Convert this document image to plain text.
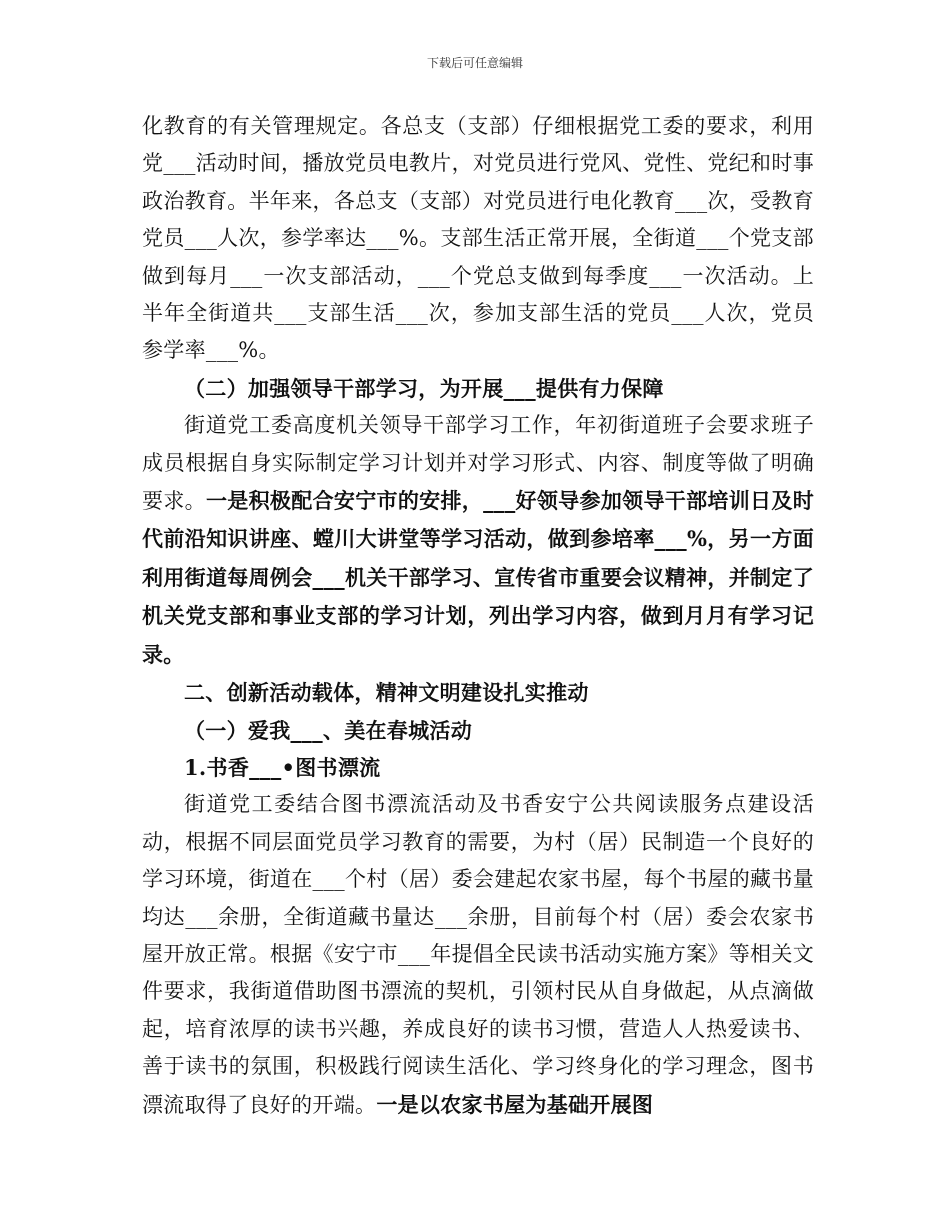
下载后可任意编辑

化教育的有关管理规定。各总支（支部）仔细根据党工委的要求，利用党___活动时间，播放党员电教片，对党员进行党风、党性、党纪和时事政治教育。半年来，各总支（支部）对党员进行电化教育___次，受教育党员___人次，参学率达___%。支部生活正常开展，全街道___个党支部做到每月___一次支部活动，___个党总支做到每季度___一次活动。上半年全街道共___支部生活___次，参加支部生活的党员___人次，党员参学率___%。

（二）加强领导干部学习，为开展___提供有力保障

街道党工委高度机关领导干部学习工作，年初街道班子会要求班子成员根据自身实际制定学习计划并对学习形式、内容、制度等做了明确要求。一是积极配合安宁市的安排，___好领导参加领导干部培训日及时代前沿知识讲座、螳川大讲堂等学习活动，做到参培率___%，另一方面利用街道每周例会___机关干部学习、宣传省市重要会议精神，并制定了机关党支部和事业支部的学习计划，列出学习内容，做到月月有学习记录。

二、创新活动载体，精神文明建设扎实推动

（一）爱我___、美在春城活动

1.书香___•图书漂流

街道党工委结合图书漂流活动及书香安宁公共阅读服务点建设活动，根据不同层面党员学习教育的需要，为村（居）民制造一个良好的学习环境，街道在___个村（居）委会建起农家书屋，每个书屋的藏书量均达___余册，全街道藏书量达___余册，目前每个村（居）委会农家书屋开放正常。根据《安宁市___年提倡全民读书活动实施方案》等相关文件要求，我街道借助图书漂流的契机，引领村民从自身做起，从点滴做起，培育浓厚的读书兴趣，养成良好的读书习惯，营造人人热爱读书、善于读书的氛围，积极践行阅读生活化、学习终身化的学习理念，图书漂流取得了良好的开端。一是以农家书屋为基础开展图
